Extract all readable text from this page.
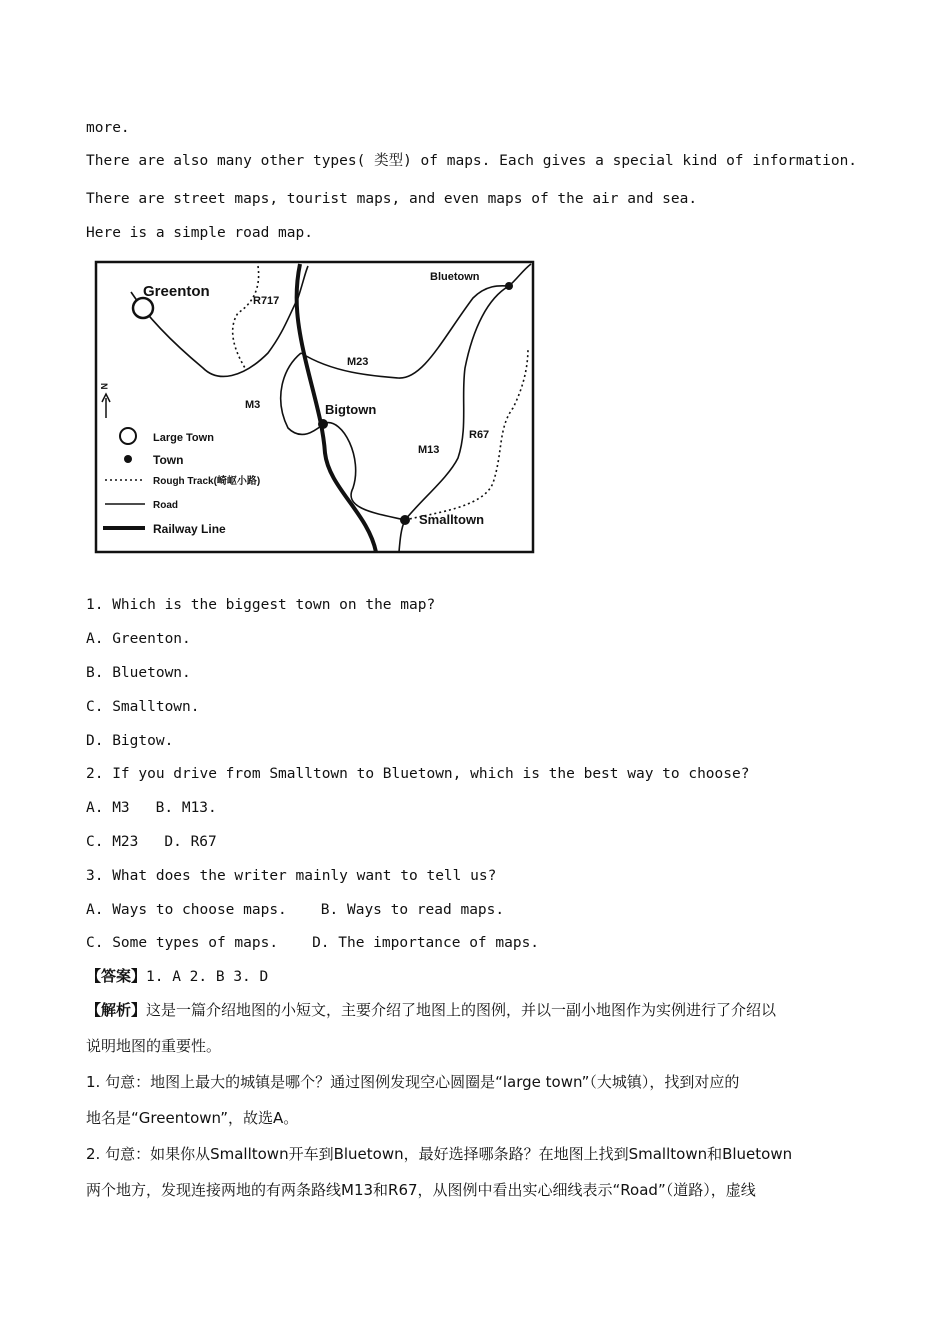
more.
There are also many other types( 类型) of maps. Each gives a special kind of information.
There are street maps, tourist maps, and even maps of the air and sea.
Here is a simple road map.
Greenton
Bluetown
Bigtown
Smalltown
R717
M23
M3
M13
R67
N
Large Town
Town
Rough Track(崎岖小路)
Road
Railway Line
1. Which is the biggest town on the map?
A. Greenton.
B. Bluetown.
C. Smalltown.
D. Bigtow.
2. If you drive from Smalltown to Bluetown, which is the best way to choose?
A. M3 B. M13.
C. M23 D. R67
3. What does the writer mainly want to tell us?
A. Ways to choose maps. B. Ways to read maps.
C. Some types of maps. D. The importance of maps.
【答案】1. A 2. B 3. D
【解析】这是一篇介绍地图的小短文，主要介绍了地图上的图例，并以一副小地图作为实例进行了介绍以
说明地图的重要性。
1. 句意：地图上最大的城镇是哪个？通过图例发现空心圆圈是“large town”（大城镇），找到对应的
地名是“Greentown”，故选A。
2. 句意：如果你从Smalltown开车到Bluetown，最好选择哪条路？在地图上找到Smalltown和Bluetown
两个地方，发现连接两地的有两条路线M13和R67，从图例中看出实心细线表示“Road”（道路），虚线
